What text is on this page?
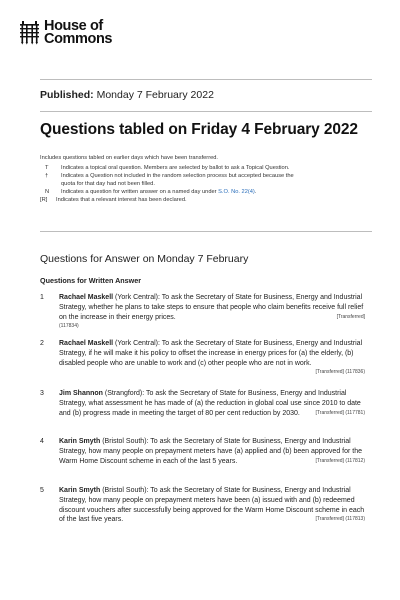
House of
Commons
Published: Monday 7 February 2022
Questions tabled on Friday 4 February 2022
Includes questions tabled on earlier days which have been transferred.
T	Indicates a topical oral question. Members are selected by ballot to ask a Topical Question.
†	Indicates a Question not included in the random selection process but accepted because the quota for that day had not been filled.
N	Indicates a question for written answer on a named day under S.O. No. 22(4).
[R]	Indicates that a relevant interest has been declared.
Questions for Answer on Monday 7 February
Questions for Written Answer
1	Rachael Maskell (York Central): To ask the Secretary of State for Business, Energy and Industrial Strategy, whether he plans to take steps to ensure that people who claim benefits receive full relief on the increase in their energy prices.	[Transferred]
(117834)
2	Rachael Maskell (York Central): To ask the Secretary of State for Business, Energy and Industrial Strategy, if he will make it his policy to offset the increase in energy prices for (a) the elderly, (b) disabled people who are unable to work and (c) other people who are not in work.
[Transferred] (117836)
3	Jim Shannon (Strangford): To ask the Secretary of State for Business, Energy and Industrial Strategy, what assessment he has made of (a) the reduction in global coal use since 2010 to date and (b) progress made in meeting the target of 80 per cent reduction by 2030.	[Transferred] (117781)
4	Karin Smyth (Bristol South): To ask the Secretary of State for Business, Energy and Industrial Strategy, how many people on prepayment meters have (a) applied and (b) been approved for the Warm Home Discount scheme in each of the last 5 years.	[Transferred] (117812)
5	Karin Smyth (Bristol South): To ask the Secretary of State for Business, Energy and Industrial Strategy, how many people on prepayment meters have been (a) issued with and (b) redeemed discount vouchers after successfully being approved for the Warm Home Discount scheme in each of the last five years.	[Transferred] (117813)
